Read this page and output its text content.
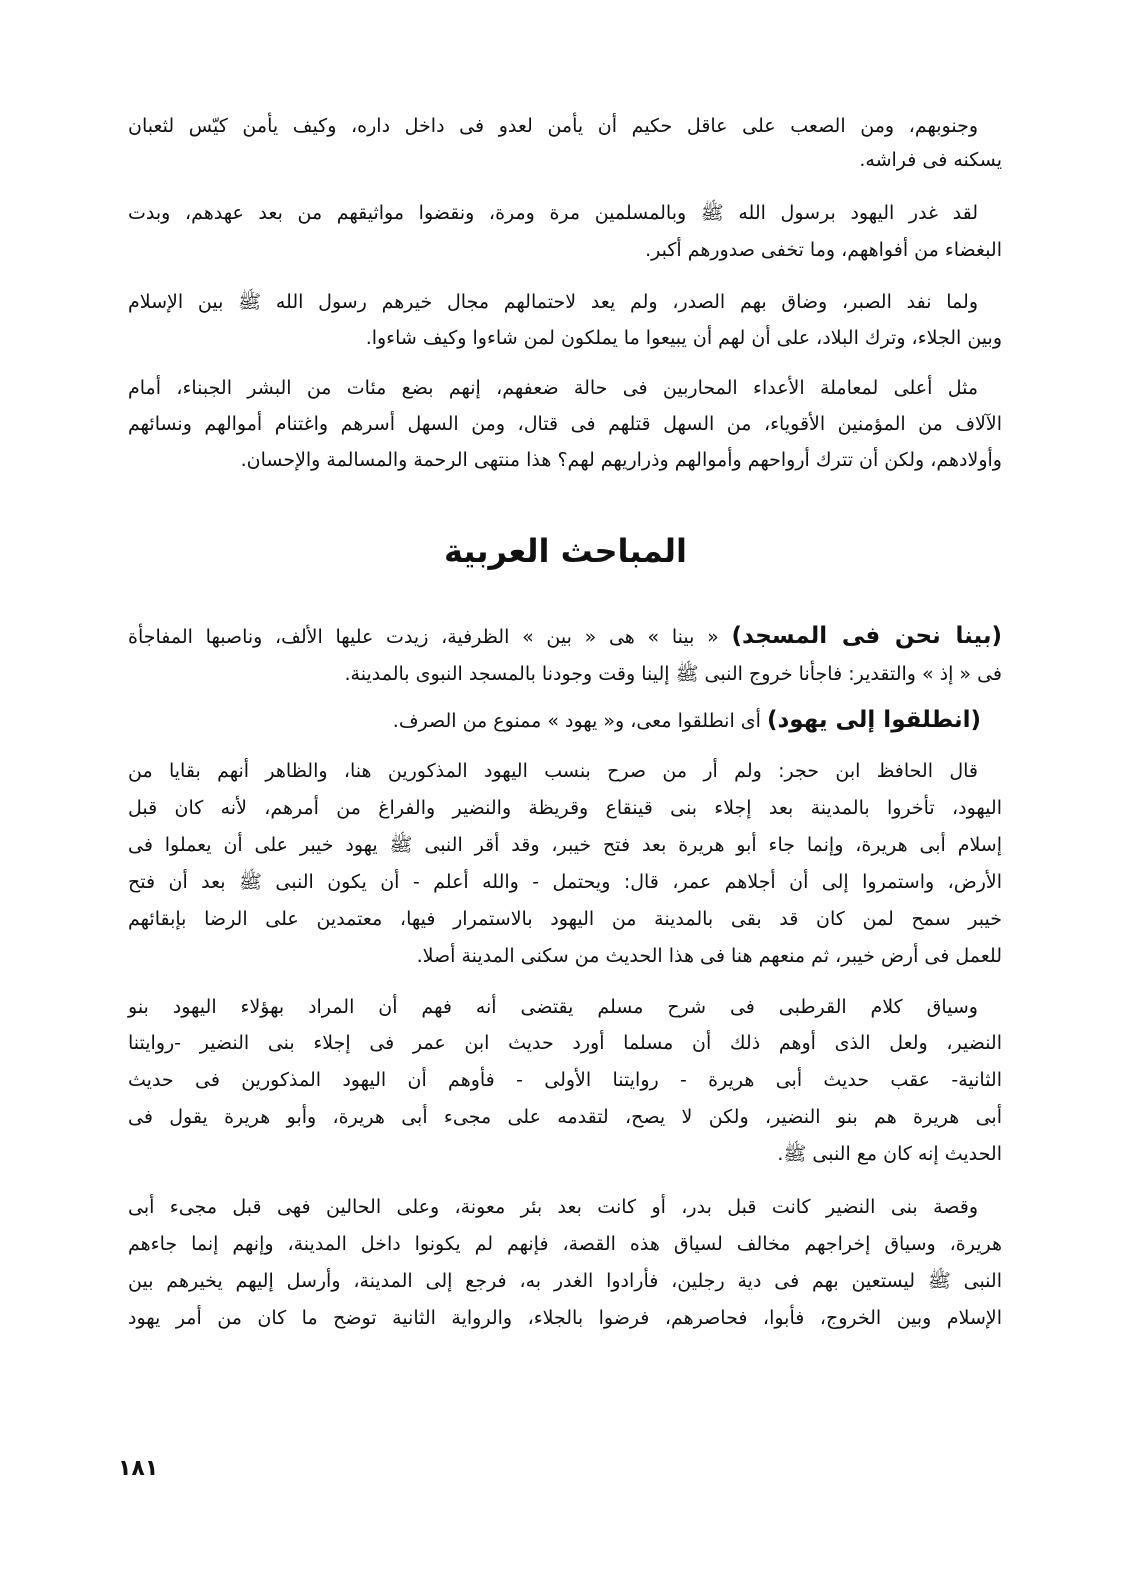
وجنوبهم، ومن الصعب على عاقل حكيم أن يأمن لعدو فى داخل داره، وكيف يأمن كيّس لثعبان
يسكنه فى فراشه.
لقد غدر اليهود برسول الله ﷺ وبالمسلمين مرة ومرة، ونقضوا مواثيقهم من بعد عهدهم، وبدت
البغضاء من أفواههم، وما تخفى صدورهم أكبر.
ولما نفد الصبر، وضاق بهم الصدر، ولم يعد لاحتمالهم مجال خيرهم رسول الله ﷺ بين الإسلام
وبين الجلاء، وترك البلاد، على أن لهم أن يبيعوا ما يملكون لمن شاءوا وكيف شاءوا.
مثل أعلى لمعاملة الأعداء المحاربين فى حالة ضعفهم، إنهم بضع مئات من البشر الجبناء، أمام
الآلاف من المؤمنين الأقوياء، من السهل قتلهم فى قتال، ومن السهل أسرهم واغتنام أموالهم ونسائهم
وأولادهم، ولكن أن تترك أرواحهم وأموالهم وذراريهم لهم؟ هذا منتهى الرحمة والمسالمة والإحسان.
قال الحافظ ابن حجر: ولم أر من صرح بنسب اليهود المذكورين هنا، والظاهر أنهم بقايا من
اليهود، تأخروا بالمدينة بعد إجلاء بنى قينقاع وقريظة والنضير والفراغ من أمرهم، لأنه كان قبل
إسلام أبى هريرة، وإنما جاء أبو هريرة بعد فتح خيبر، وقد أقر النبى ﷺ يهود خيبر على أن يعملوا فى
الأرض، واستمروا إلى أن أجلاهم عمر، قال: ويحتمل - والله أعلم - أن يكون النبى ﷺ بعد أن فتح
خيبر سمح لمن كان قد بقى بالمدينة من اليهود بالاستمرار فيها، معتمدين على الرضا بإبقائهم
للعمل فى أرض خيبر، ثم منعهم هنا فى هذا الحديث من سكنى المدينة أصلا.
وسياق كلام القرطبى فى شرح مسلم يقتضى أنه فهم أن المراد بهؤلاء اليهود بنو
النضير، ولعل الذى أوهم ذلك أن مسلما أورد حديث ابن عمر فى إجلاء بنى النضير -روايتنا
الثانية- عقب حديث أبى هريرة - روايتنا الأولى - فأوهم أن اليهود المذكورين فى حديث
أبى هريرة هم بنو النضير، ولكن لا يصح، لتقدمه على مجىء أبى هريرة، وأبو هريرة يقول فى
الحديث إنه كان مع النبى ﷺ.
وقصة بنى النضير كانت قبل بدر، أو كانت بعد بئر معونة، وعلى الحالين فهى قبل مجىء أبى
هريرة، وسياق إخراجهم مخالف لسياق هذه القصة، فإنهم لم يكونوا داخل المدينة، وإنهم إنما جاءهم
النبى ﷺ ليستعين بهم فى دية رجلين، فأرادوا الغدر به، فرجع إلى المدينة، وأرسل إليهم يخيرهم بين
الإسلام وبين الخروج، فأبوا، فحاصرهم، فرضوا بالجلاء، والرواية الثانية توضح ما كان من أمر يهود
المباحث العربية
(بينا نحن فى المسجد) « بينا » هى « بين » الظرفية، زيدت عليها الألف، وناصبها المفاجأة
فى « إذ » والتقدير: فاجأنا خروج النبى ﷺ إلينا وقت وجودنا بالمسجد النبوى بالمدينة.
(انطلقوا إلى يهود) أى انطلقوا معى، و« يهود » ممنوع من الصرف.
١٨١
